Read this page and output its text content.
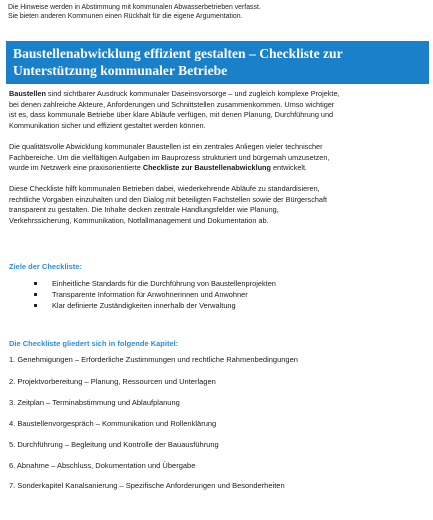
Die Hinweise werden in Abstimmung mit kommunalen Abwasserbetrieben verfasst.
Sie bieten anderen Kommunen einen Rückhalt für die eigene Argumentation.
Baustellenabwicklung effizient gestalten – Checkliste zur
Unterstützung kommunaler Betriebe
Baustellen sind sichtbarer Ausdruck kommunaler Daseinsvorsorge – und zugleich komplexe Projekte,
bei denen zahlreiche Akteure, Anforderungen und Schnittstellen zusammenkommen. Umso wichtiger
ist es, dass kommunale Betriebe über klare Abläufe verfügen, mit denen Planung, Durchführung und
Kommunikation sicher und effizient gestaltet werden können.
Die qualitätsvolle Abwicklung kommunaler Baustellen ist ein zentrales Anliegen vieler technischer
Fachbereiche. Um die vielfältigen Aufgaben im Bauprozess strukturiert und bürgernah umzusetzen,
wurde im Netzwerk eine praxisorientierte Checkliste zur Baustellenabwicklung entwickelt.
Diese Checkliste hilft kommunalen Betrieben dabei, wiederkehrende Abläufe zu standardisieren,
rechtliche Vorgaben einzuhalten und den Dialog mit beteiligten Fachstellen sowie der Bürgerschaft
transparent zu gestalten. Die Inhalte decken zentrale Handlungsfelder wie Planung,
Verkehrssicherung, Kommunikation, Notfallmanagement und Dokumentation ab.
Ziele der Checkliste:
Einheitliche Standards für die Durchführung von Baustellenprojekten
Transparente Information für Anwohnerinnen und Anwohner
Klar definierte Zuständigkeiten innerhalb der Verwaltung
Die Checkliste gliedert sich in folgende Kapitel:
1. Genehmigungen – Erforderliche Zustimmungen und rechtliche Rahmenbedingungen
2. Projektvorbereitung – Planung, Ressourcen und Unterlagen
3. Zeitplan – Terminabstimmung und Ablaufplanung
4. Baustellenvorgespräch – Kommunikation und Rollenklärung
5. Durchführung – Begleitung und Kontrolle der Bauausführung
6. Abnahme – Abschluss, Dokumentation und Übergabe
7. Sonderkapitel Kanalsanierung – Spezifische Anforderungen und Besonderheiten
